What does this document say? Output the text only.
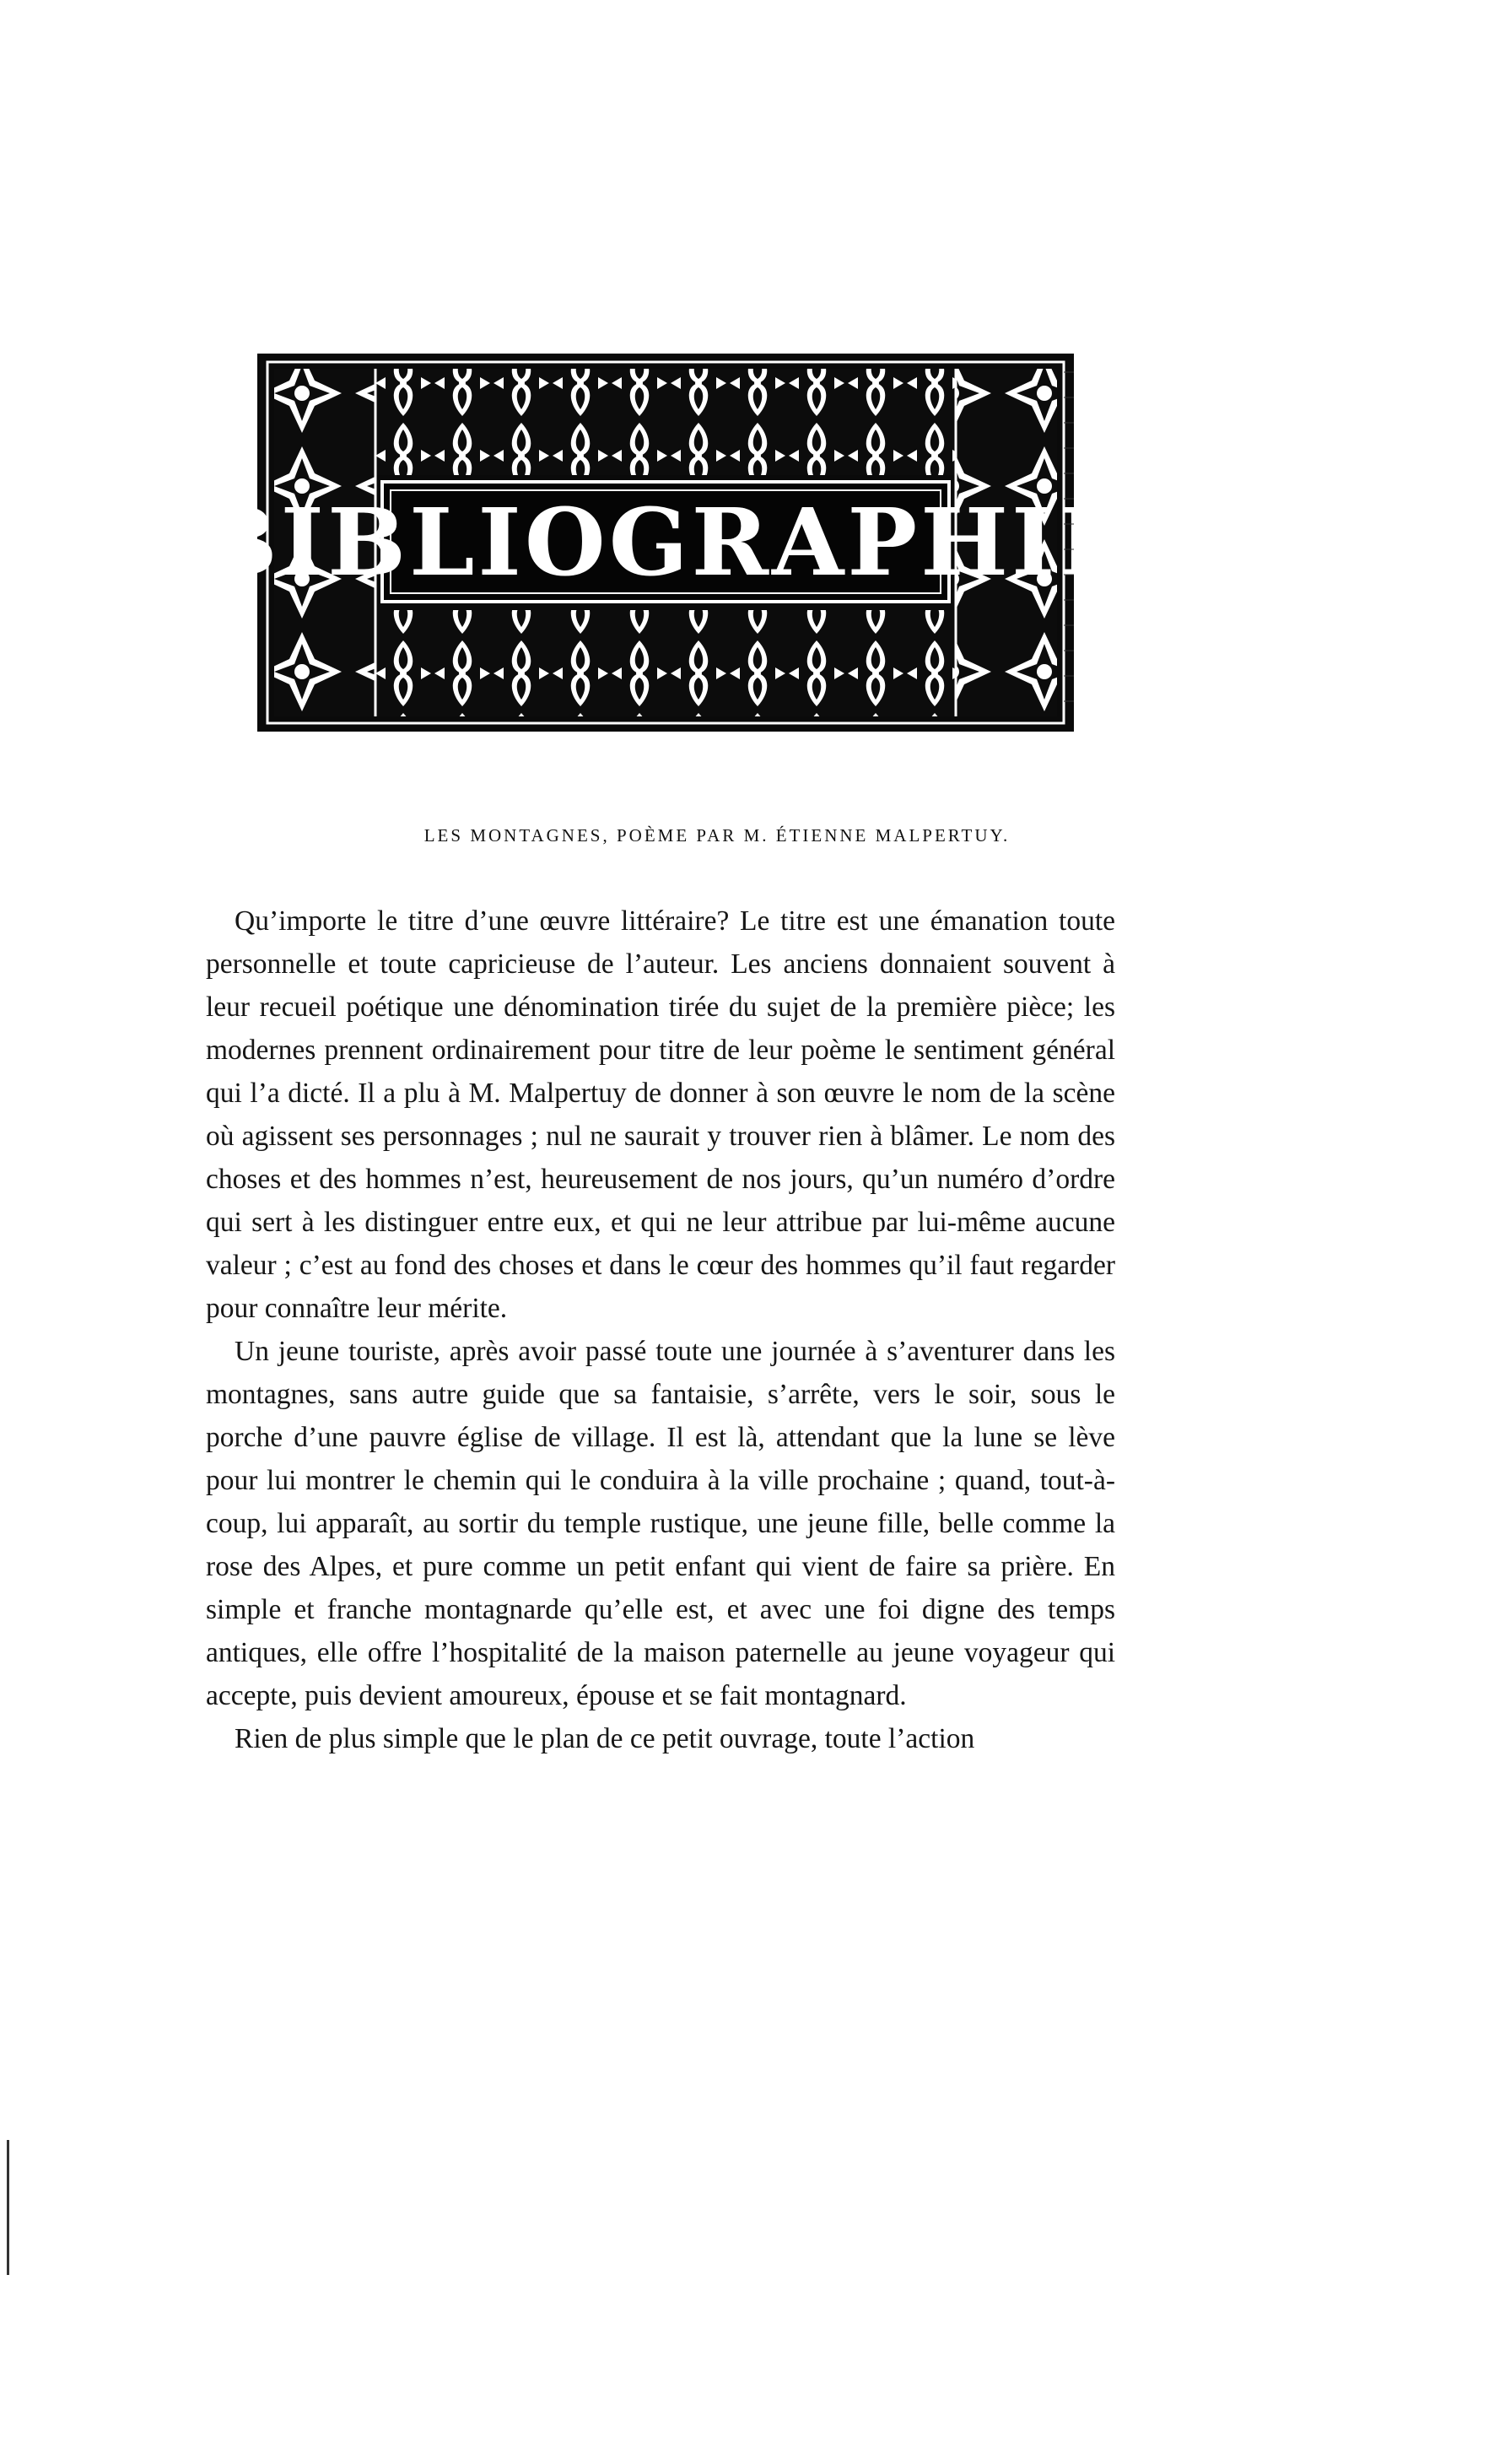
BIBLIOGRAPHIE
LES MONTAGNES, POÈME PAR M. ÉTIENNE MALPERTUY.

Qu’importe le titre d’une œuvre littéraire? Le titre est une émanation toute personnelle et toute capricieuse de l’auteur. Les anciens donnaient souvent à leur recueil poétique une dénomination tirée du sujet de la première pièce; les modernes prennent ordinairement pour titre de leur poème le sentiment général qui l’a dicté. Il a plu à M. Malpertuy de donner à son œuvre le nom de la scène où agissent ses personnages ; nul ne saurait y trouver rien à blâmer. Le nom des choses et des hommes n’est, heureusement de nos jours, qu’un numéro d’ordre qui sert à les distinguer entre eux, et qui ne leur attribue par lui-même aucune valeur ; c’est au fond des choses et dans le cœur des hommes qu’il faut regarder pour connaître leur mérite.

Un jeune touriste, après avoir passé toute une journée à s’aventurer dans les montagnes, sans autre guide que sa fantaisie, s’arrête, vers le soir, sous le porche d’une pauvre église de village. Il est là, attendant que la lune se lève pour lui montrer le chemin qui le conduira à la ville prochaine ; quand, tout-à-coup, lui apparaît, au sortir du temple rustique, une jeune fille, belle comme la rose des Alpes, et pure comme un petit enfant qui vient de faire sa prière. En simple et franche montagnarde qu’elle est, et avec une foi digne des temps antiques, elle offre l’hospitalité de la maison paternelle au jeune voyageur qui accepte, puis devient amoureux, épouse et se fait montagnard.

Rien de plus simple que le plan de ce petit ouvrage, toute l’action
